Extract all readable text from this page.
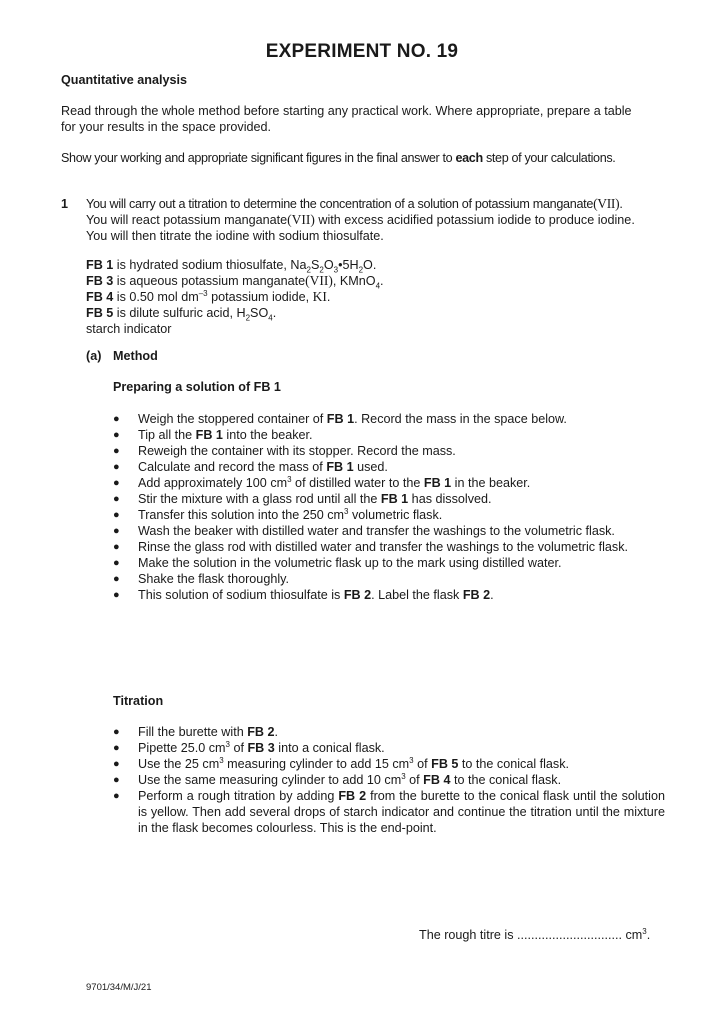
EXPERIMENT NO. 19
Quantitative analysis
Read through the whole method before starting any practical work. Where appropriate, prepare a table
for your results in the space provided.
Show your working and appropriate significant figures in the final answer to each step of your calculations.
1 You will carry out a titration to determine the concentration of a solution of potassium manganate(VII).
You will react potassium manganate(VII) with excess acidified potassium iodide to produce iodine.
You will then titrate the iodine with sodium thiosulfate.
FB 1 is hydrated sodium thiosulfate, $Na_2S_2O_3•5H_2O$.
FB 3 is aqueous potassium manganate(VII), KMnO$_4$.
FB 4 is 0.50 mol $dm^{-3}$ potassium iodide, KI.
FB 5 is dilute sulfuric acid, $H_2SO_4$.
starch indicator
(a) Method
Preparing a solution of FB 1
● Weigh the stoppered container of FB 1. Record the mass in the space below.
● Tip all the FB 1 into the beaker.
● Reweigh the container with its stopper. Record the mass.
● Calculate and record the mass of FB 1 used.
● Add approximately 100 $cm^3$ of distilled water to the FB 1 in the beaker.
● Stir the mixture with a glass rod until all the FB 1 has dissolved.
● Transfer this solution into the 250 $cm^3$ volumetric flask.
● Wash the beaker with distilled water and transfer the washings to the volumetric flask.
● Rinse the glass rod with distilled water and transfer the washings to the volumetric flask.
● Make the solution in the volumetric flask up to the mark using distilled water.
● Shake the flask thoroughly.
● This solution of sodium thiosulfate is FB 2. Label the flask FB 2.
Titration
● Fill the burette with FB 2.
● Pipette 25.0 $cm^3$ of FB 3 into a conical flask.
● Use the 25 $cm^3$ measuring cylinder to add 15 $cm^3$ of FB 5 to the conical flask.
● Use the same measuring cylinder to add 10 $cm^3$ of FB 4 to the conical flask.
● Perform a rough titration by adding FB 2 from the burette to the conical flask until the solution is yellow. Then add several drops of starch indicator and continue the titration until the mixture in the flask becomes colourless. This is the end-point.
The rough titre is .............................. $cm^3$.
9701/34/M/J/21
